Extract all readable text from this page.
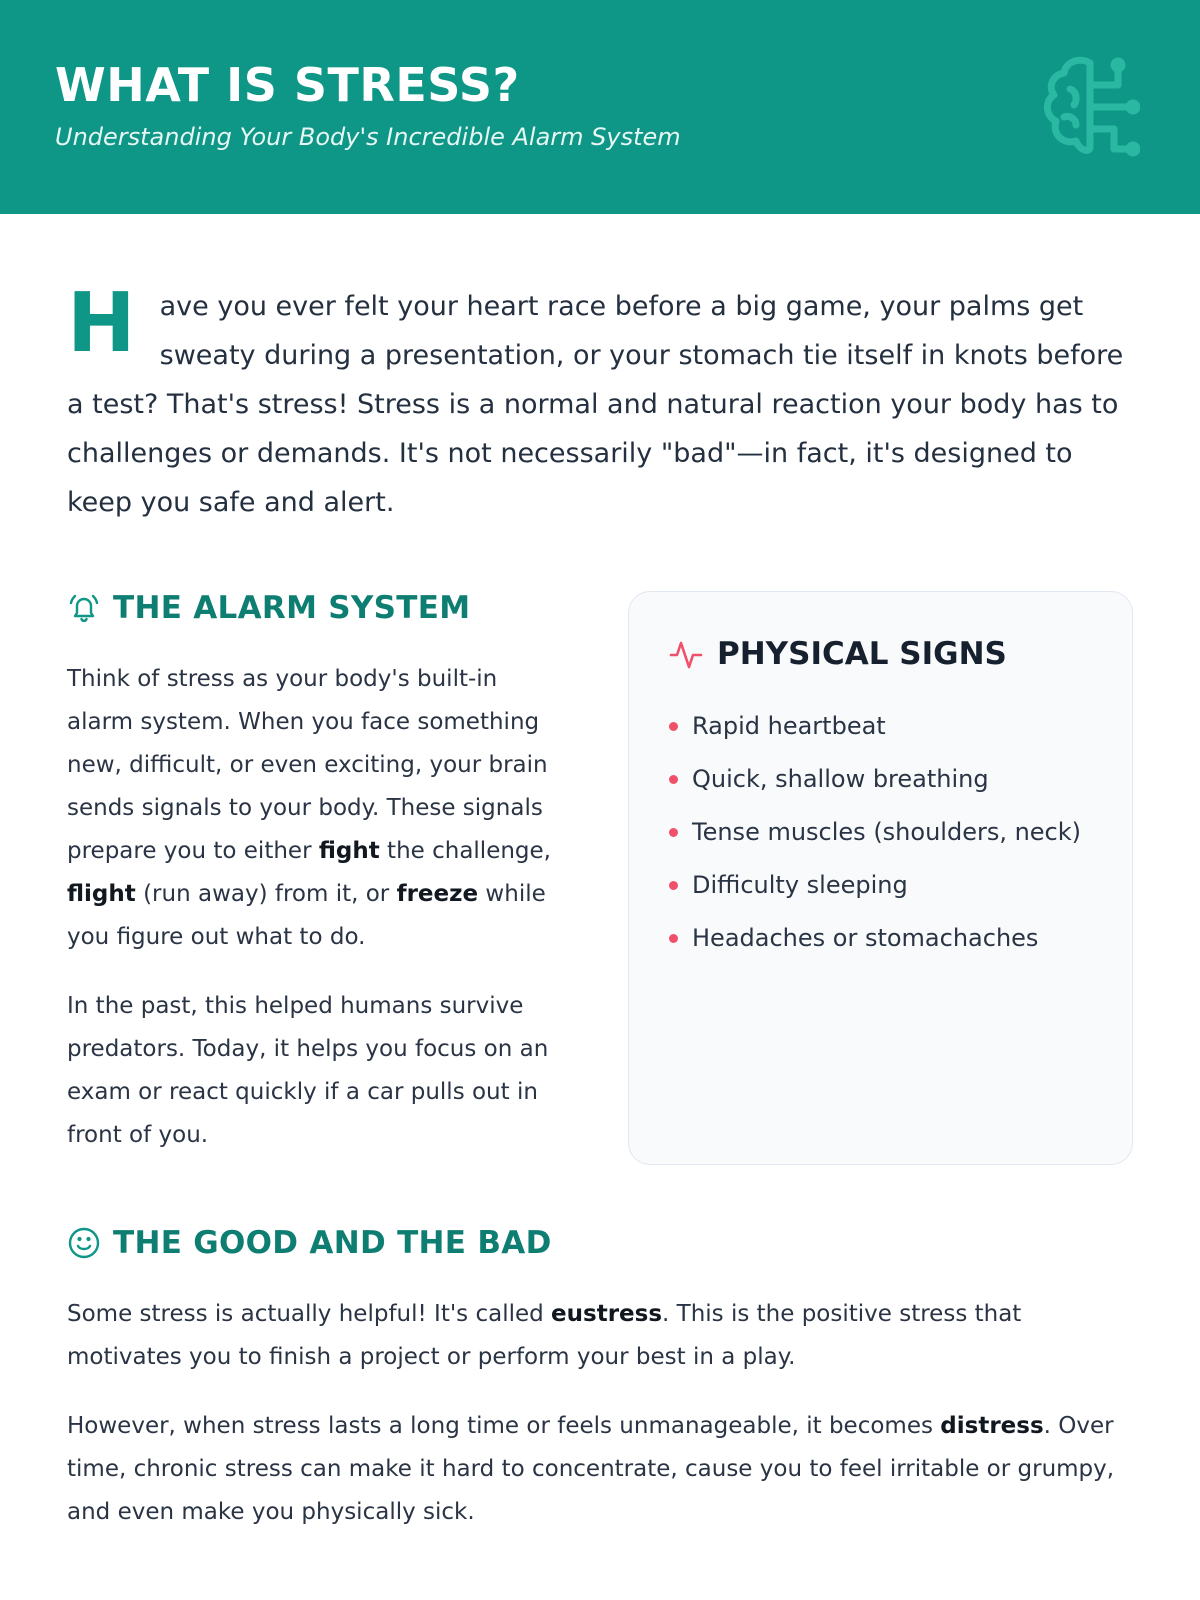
WHAT IS STRESS?
Understanding Your Body's Incredible Alarm System
Have you ever felt your heart race before a big game, your palms get sweaty during a presentation, or your stomach tie itself in knots before a test? That's stress! Stress is a normal and natural reaction your body has to challenges or demands. It's not necessarily "bad"—in fact, it's designed to keep you safe and alert.
THE ALARM SYSTEM

Think of stress as your body's built-in alarm system. When you face something new, difficult, or even exciting, your brain sends signals to your body. These signals prepare you to either fight the challenge, flight (run away) from it, or freeze while you figure out what to do.

In the past, this helped humans survive predators. Today, it helps you focus on an exam or react quickly if a car pulls out in front of you.

PHYSICAL SIGNS
Rapid heartbeat
Quick, shallow breathing
Tense muscles (shoulders, neck)
Difficulty sleeping
Headaches or stomachaches
THE GOOD AND THE BAD

Some stress is actually helpful! It's called eustress. This is the positive stress that motivates you to finish a project or perform your best in a play.

However, when stress lasts a long time or feels unmanageable, it becomes distress. Over time, chronic stress can make it hard to concentrate, cause you to feel irritable or grumpy, and even make you physically sick.
